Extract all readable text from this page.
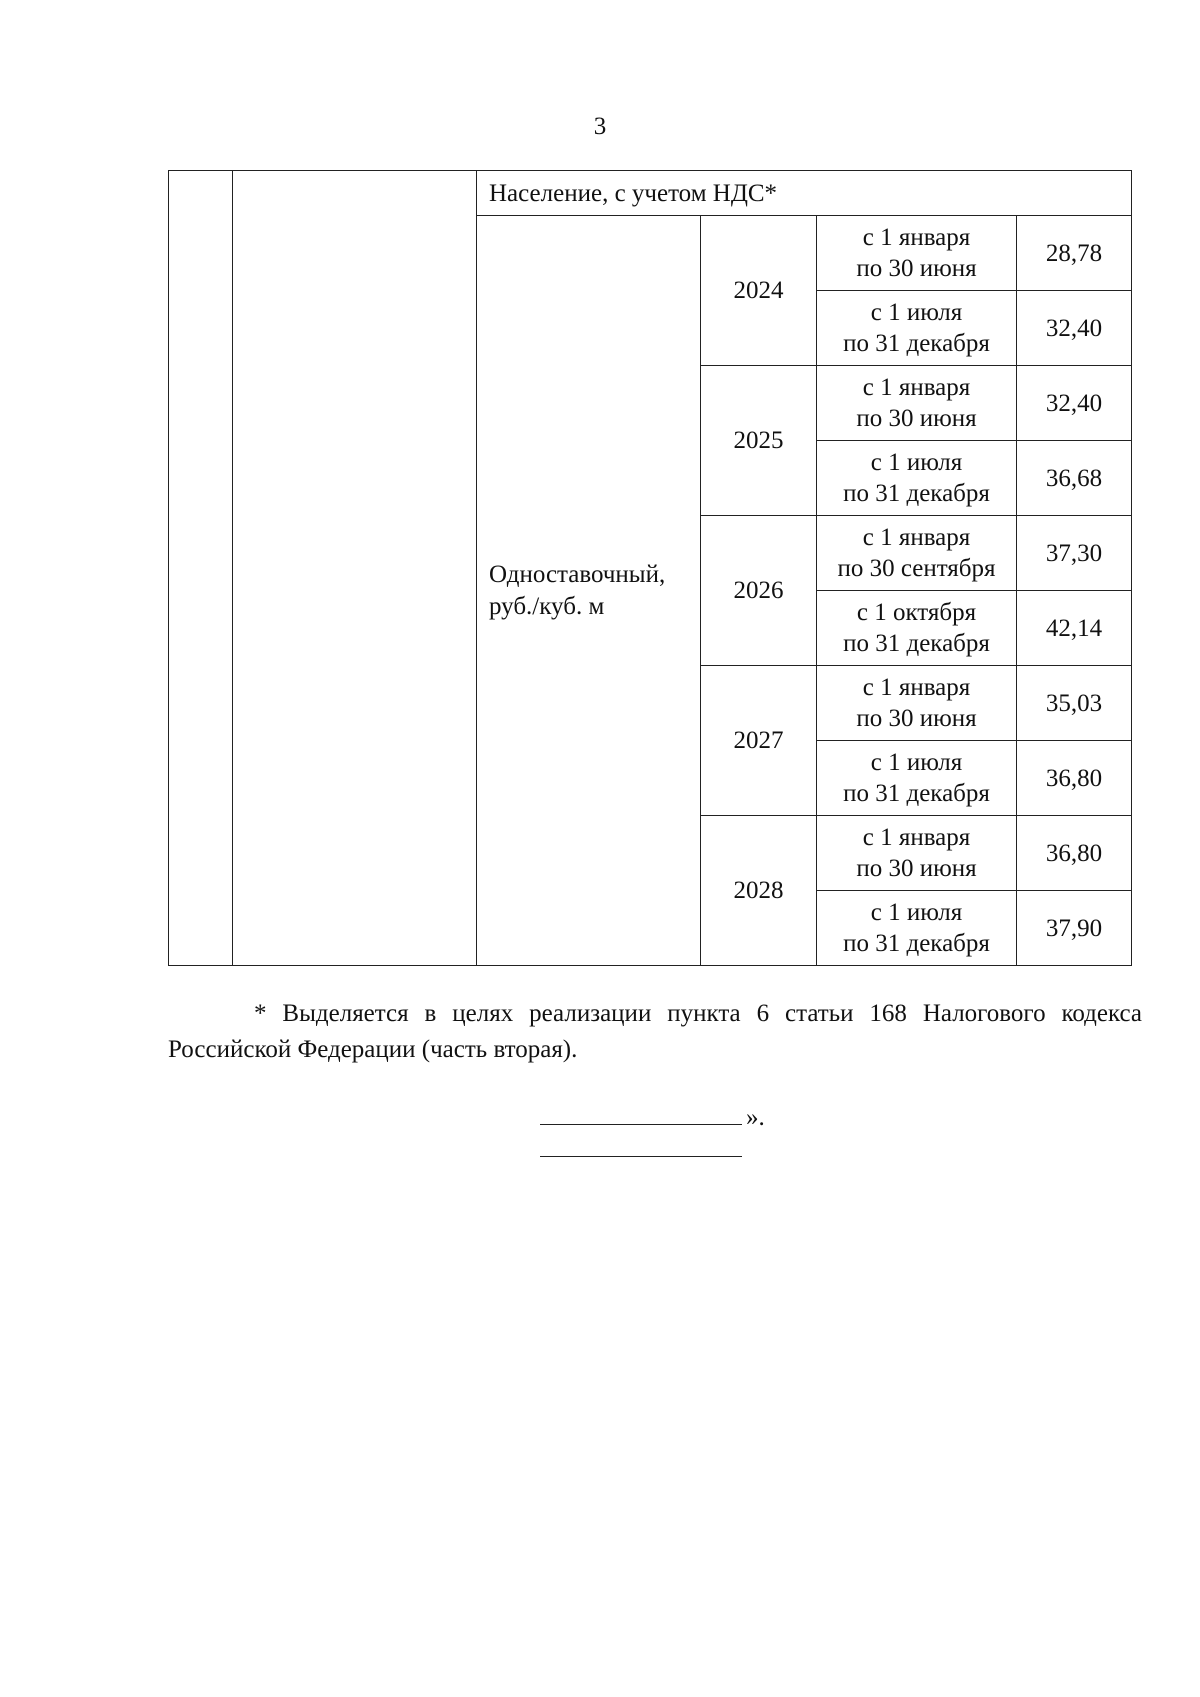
3
		Население, с учетом НДС*			

		Одноставочный,
руб./куб. м	2024	с 1 января
по 30 июня	28,78

				с 1 июля
по 31 декабря	32,40
			2025	с 1 января
по 30 июня	32,40

				с 1 июля
по 31 декабря	36,68
			2026	с 1 января
по 30 сентября	37,30

				с 1 октября
по 31 декабря	42,14
			2027	с 1 января
по 30 июня	35,03

				с 1 июля
по 31 декабря	36,80
			2028	с 1 января
по 30 июня	36,80

				с 1 июля
по 31 декабря	37,90
* Выделяется в целях реализации пункта 6 статьи 168 Налогового кодекса Российской Федерации (часть вторая).
».
